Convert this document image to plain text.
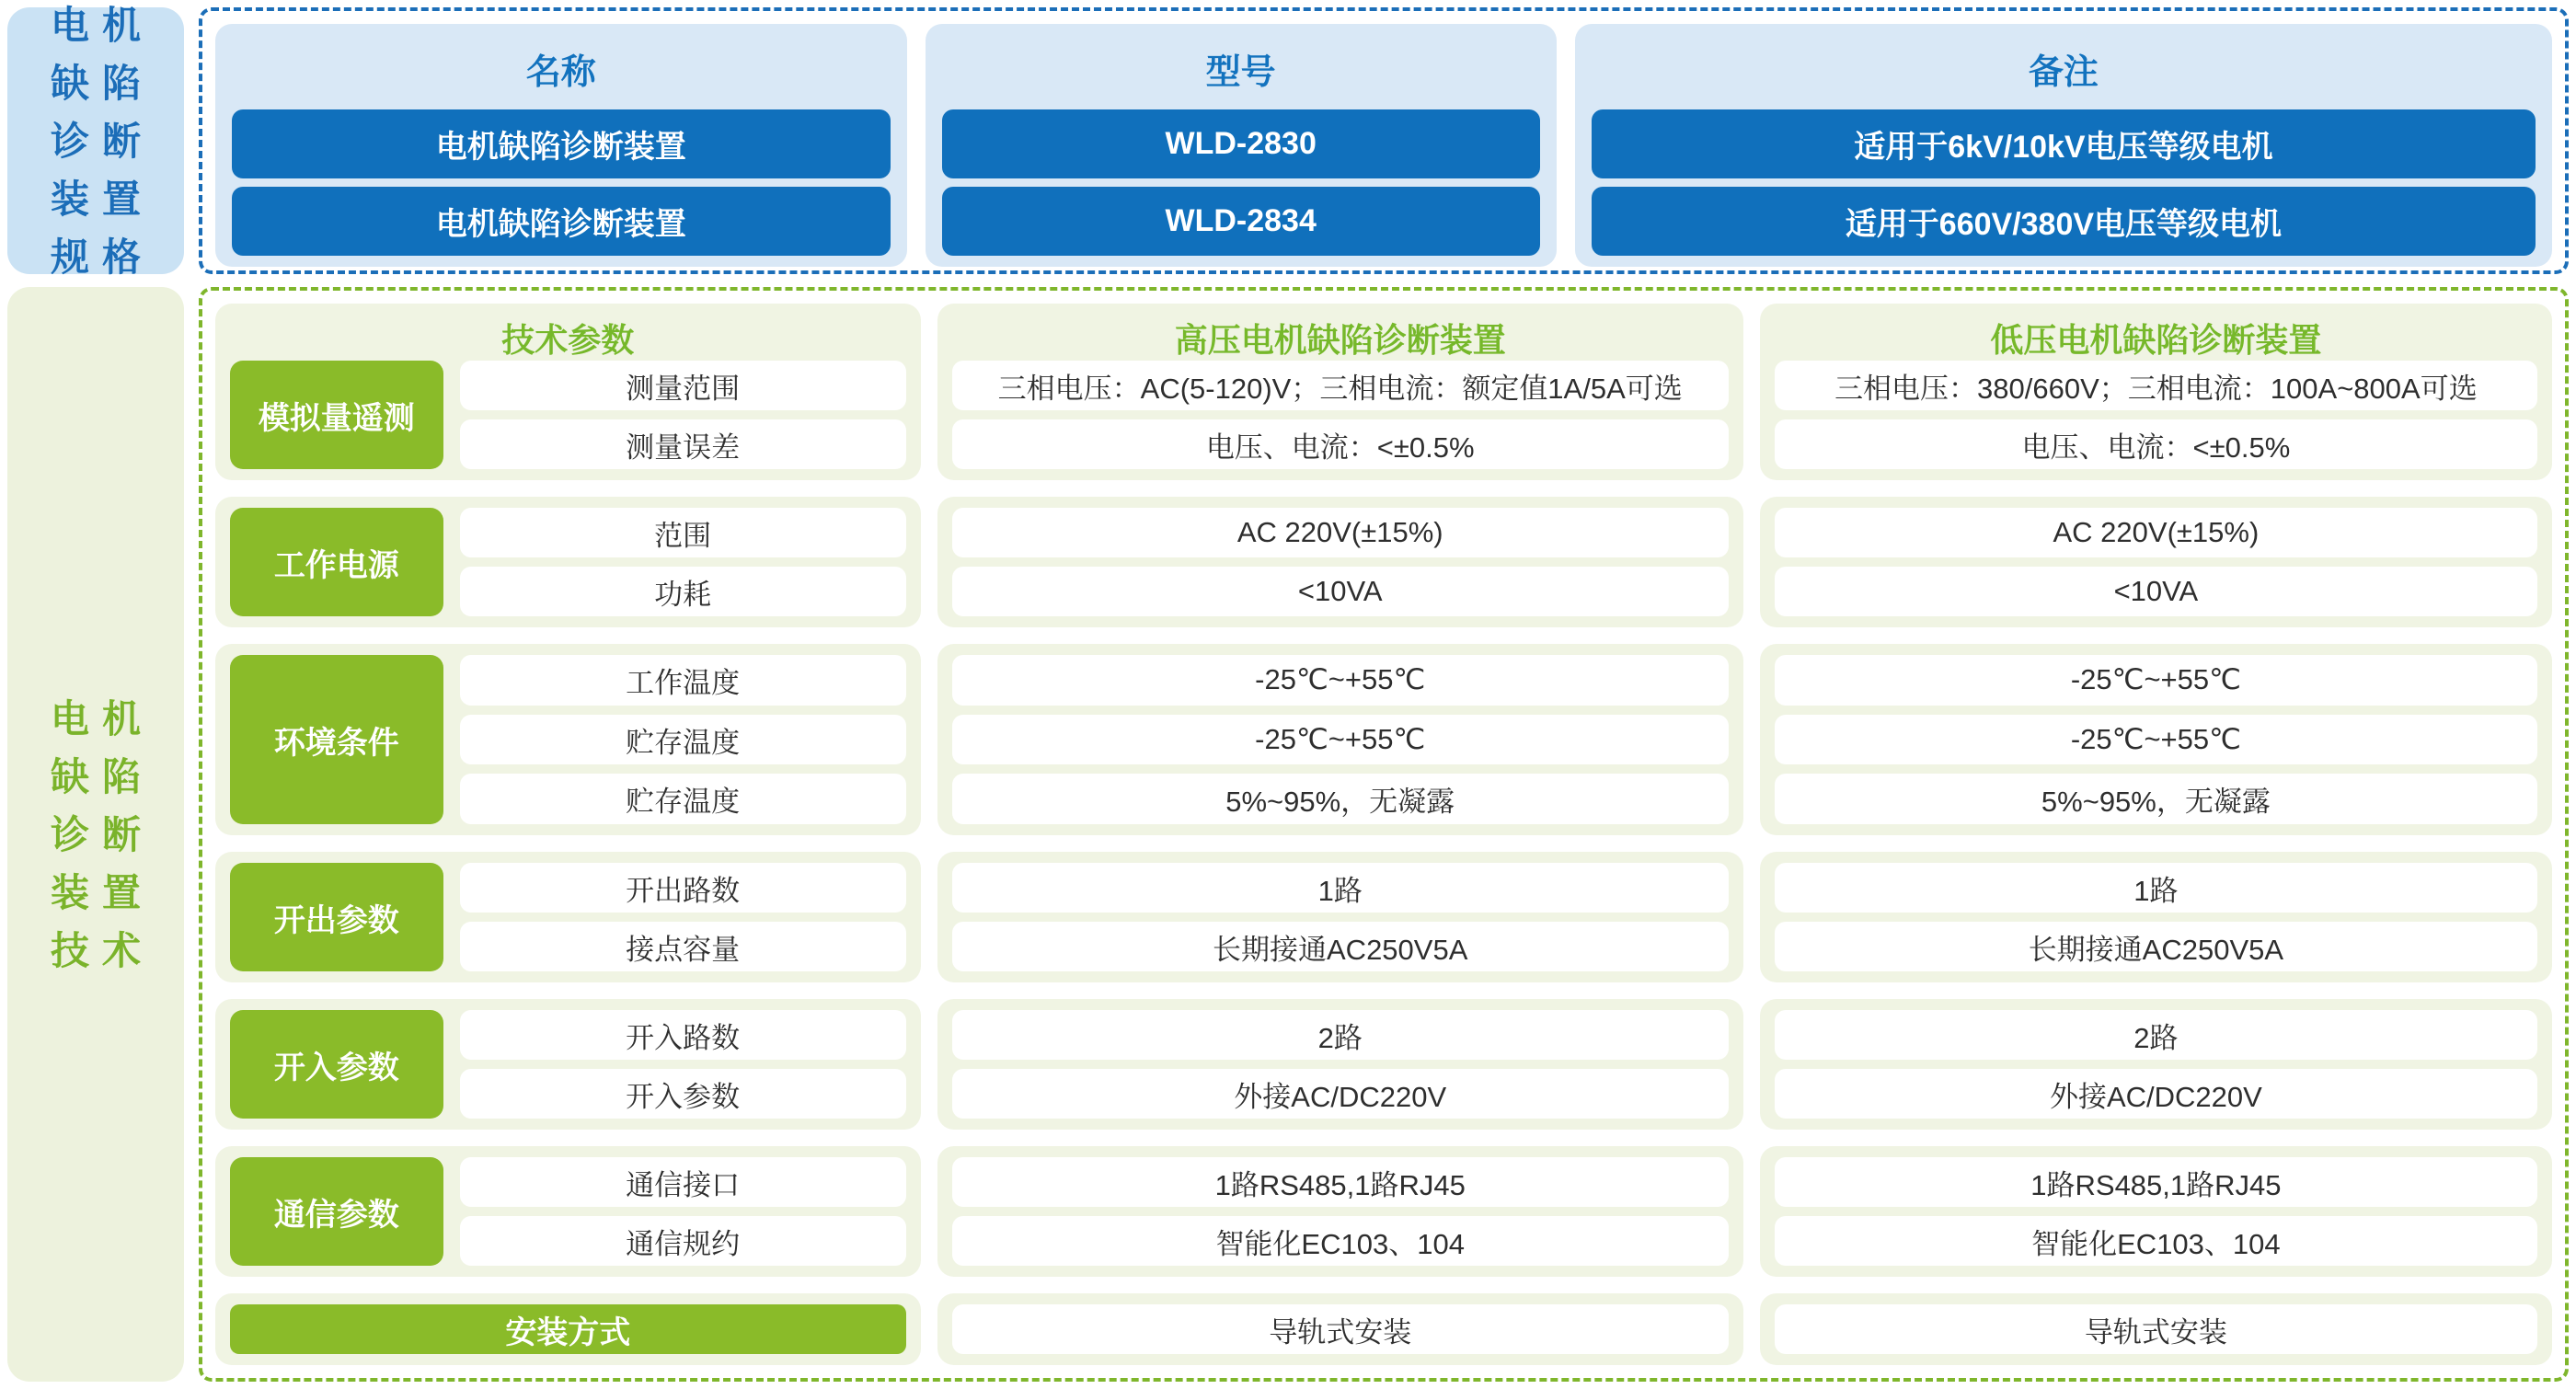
电机
缺陷
诊断
装置
规格
名称
电机缺陷诊断装置
电机缺陷诊断装置
型号
WLD-2830
WLD-2834
备注
适用于6kV/10kV电压等级电机
适用于660V/380V电压等级电机
电机
缺陷
诊断
装置
技术
技术参数
模拟量遥测
测量范围
测量误差
工作电源
范围
功耗
环境条件
工作温度
贮存温度
贮存温度
开出参数
开出路数
接点容量
开入参数
开入路数
开入参数
通信参数
通信接口
通信规约
安装方式
高压电机缺陷诊断装置
三相电压：AC(5-120)V；三相电流：额定值1A/5A可选
电压、电流：<±0.5%
AC 220V(±15%)
<10VA
-25℃~+55℃
-25℃~+55℃
5%~95%，无凝露
1路
长期接通AC250V5A
2路
外接AC/DC220V
1路RS485,1路RJ45
智能化EC103、104
导轨式安装
低压电机缺陷诊断装置
三相电压：380/660V；三相电流：100A~800A可选
电压、电流：<±0.5%
AC 220V(±15%)
<10VA
-25℃~+55℃
-25℃~+55℃
5%~95%，无凝露
1路
长期接通AC250V5A
2路
外接AC/DC220V
1路RS485,1路RJ45
智能化EC103、104
导轨式安装
